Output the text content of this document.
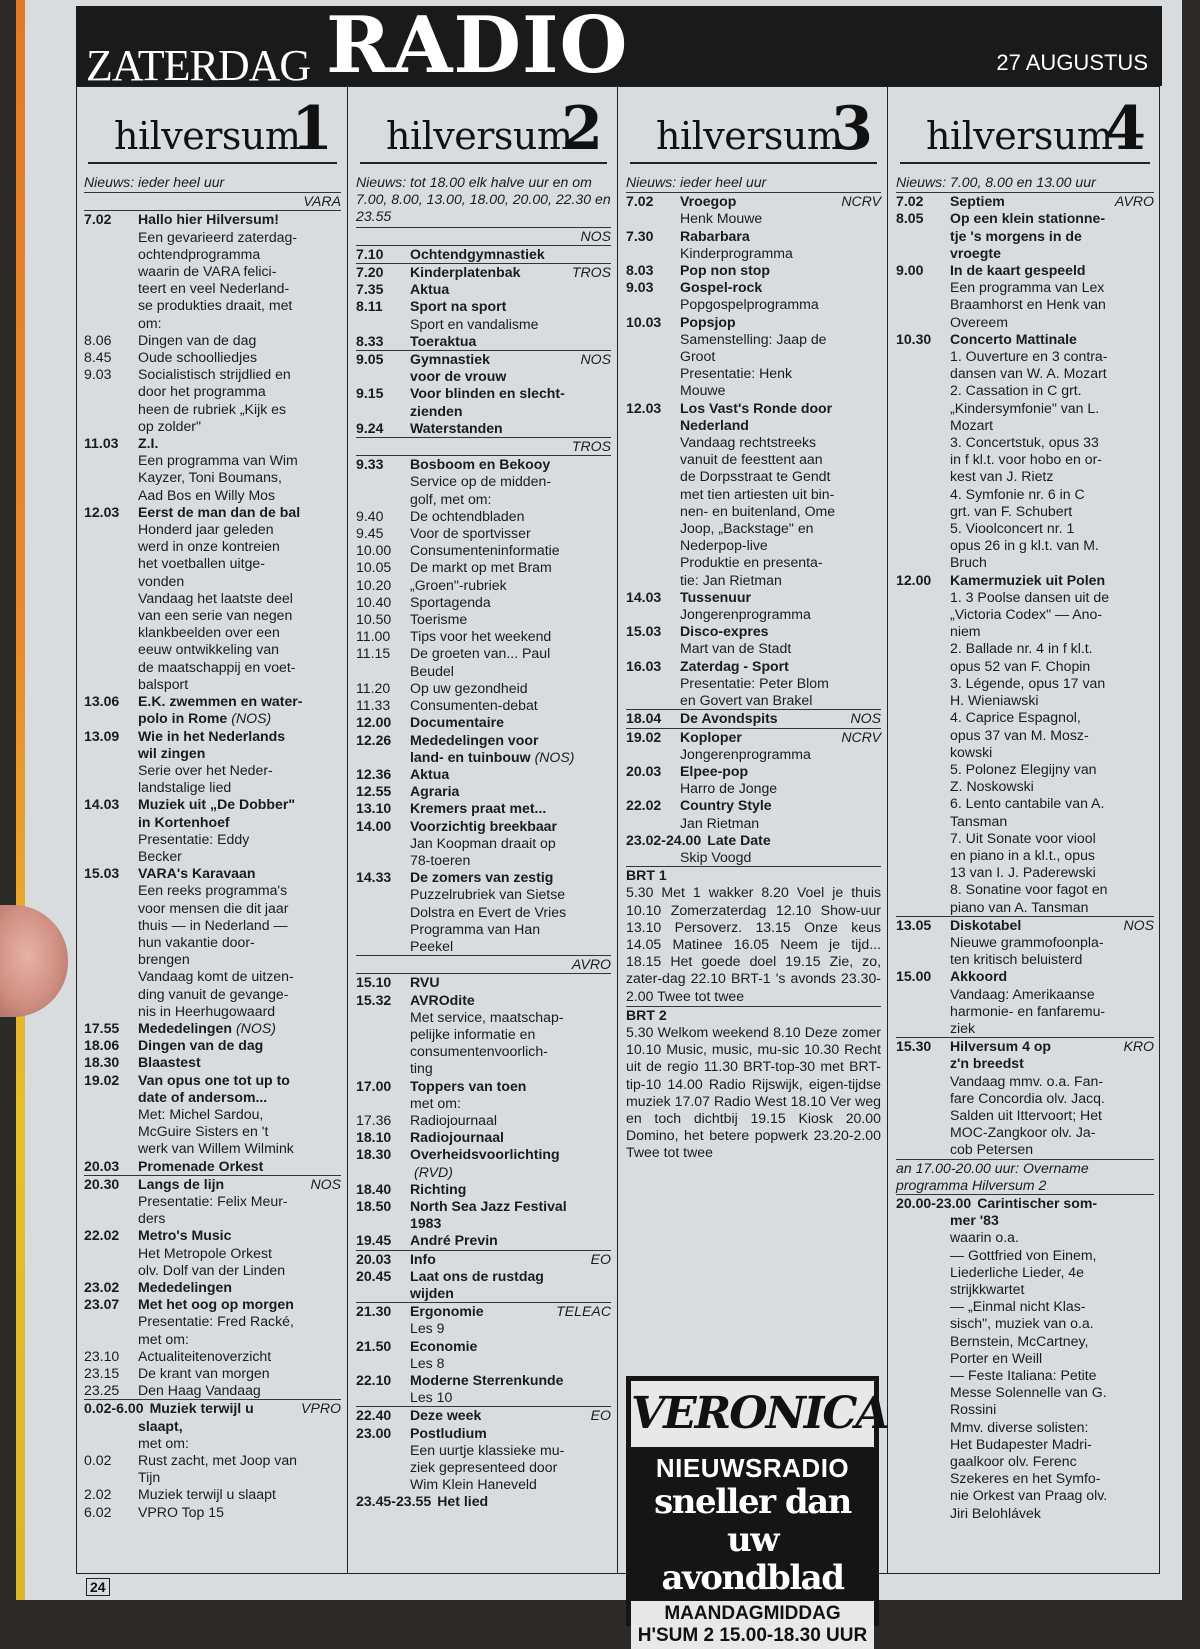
ZATERDAG RADIO	27 AUGUSTUS
hilversum
1
Nieuws: ieder heel uur
VARA
7.02	Hallo hier Hilversum!
Een gevarieerd zaterdag-
ochtendprogramma
waarin de VARA felici-
teert en veel Nederland-
se produkties draait, met
om:
8.06	Dingen van de dag
8.45	Oude schoolliedjes
9.03	Socialistisch strijdlied en
door het programma
heen de rubriek „Kijk es
op zolder"
11.03	Z.I.
Een programma van Wim
Kayzer, Toni Boumans,
Aad Bos en Willy Mos
12.03	Eerst de man dan de bal
Honderd jaar geleden
werd in onze kontreien
het voetballen uitge-
vonden
Vandaag het laatste deel
van een serie van negen
klankbeelden over een
eeuw ontwikkeling van
de maatschappij en voet-
balsport
13.06	E.K. zwemmen en water-
polo in Rome (NOS)
13.09	Wie in het Nederlands
wil zingen
Serie over het Neder-
landstalige lied
14.03	Muziek uit „De Dobber"
in Kortenhoef
Presentatie: Eddy
Becker
15.03	VARA's Karavaan
Een reeks programma's
voor mensen die dit jaar
thuis — in Nederland —
hun vakantie door-
brengen
Vandaag komt de uitzen-
ding vanuit de gevange-
nis in Heerhugowaard
17.55	Mededelingen (NOS)
18.06	Dingen van de dag
18.30	Blaastest
19.02	Van opus one tot up to
date of andersom...
Met: Michel Sardou,
McGuire Sisters en 't
werk van Willem Wilmink
20.03	Promenade Orkest
20.30	Langs de lijn	NOS
Presentatie: Felix Meur-
ders
22.02	Metro's Music
Het Metropole Orkest
olv. Dolf van der Linden
23.02	Mededelingen
23.07	Met het oog op morgen
Presentatie: Fred Racké,
met om:
23.10	Actualiteitenoverzicht
23.15	De krant van morgen
23.25	Den Haag Vandaag
0.02-6.00 Muziek terwijl u	VPRO
slaapt,
met om:
0.02	Rust zacht, met Joop van
Tijn
2.02	Muziek terwijl u slaapt
6.02	VPRO Top 15
hilversum
2
Nieuws: tot 18.00 elk halve uur en om 7.00, 8.00, 13.00, 18.00, 20.00, 22.30 en 23.55
NOS
7.10	Ochtendgymnastiek
7.20	Kinderplatenbak	TROS
7.35	Aktua
8.11	Sport na sport
Sport en vandalisme
8.33	Toeraktua
9.05	Gymnastiek	NOS
voor de vrouw
9.15	Voor blinden en slecht-
zienden
9.24	Waterstanden
TROS
9.33	Bosboom en Bekooy
Service op de midden-
golf, met om:
9.40	De ochtendbladen
9.45	Voor de sportvisser
10.00	Consumenteninformatie
10.05	De markt op met Bram
10.20	„Groen"-rubriek
10.40	Sportagenda
10.50	Toerisme
11.00	Tips voor het weekend
11.15	De groeten van... Paul
Beudel
11.20	Op uw gezondheid
11.33	Consumenten-debat
12.00	Documentaire
12.26	Mededelingen voor
land- en tuinbouw (NOS)
12.36	Aktua
12.55	Agraria
13.10	Kremers praat met...
14.00	Voorzichtig breekbaar
Jan Koopman draait op
78-toeren
14.33	De zomers van zestig
Puzzelrubriek van Sietse
Dolstra en Evert de Vries
Programma van Han
Peekel
AVRO
15.10	RVU
15.32	AVROdite
Met service, maatschap-
pelijke informatie en
consumentenvoorlich-
ting
17.00	Toppers van toen
met om:
17.36	Radiojournaal
18.10	Radiojournaal
18.30	Overheidsvoorlichting
(RVD)
18.40	Richting
18.50	North Sea Jazz Festival
1983
19.45	André Previn
20.03	Info	EO
20.45	Laat ons de rustdag
wijden
21.30	Ergonomie	TELEAC
Les 9
21.50	Economie
Les 8
22.10	Moderne Sterrenkunde
Les 10
22.40	Deze week	EO
23.00	Postludium
Een uurtje klassieke mu-
ziek gepresenteed door
Wim Klein Haneveld
23.45-23.55 Het lied
hilversum
3
Nieuws: ieder heel uur
7.02	Vroegop	NCRV
Henk Mouwe
7.30	Rabarbara
Kinderprogramma
8.03	Pop non stop
9.03	Gospel-rock
Popgospelprogramma
10.03	Popsjop
Samenstelling: Jaap de
Groot
Presentatie: Henk
Mouwe
12.03	Los Vast's Ronde door
Nederland
Vandaag rechtstreeks
vanuit de feesttent aan
de Dorpsstraat te Gendt
met tien artiesten uit bin-
nen- en buitenland, Ome
Joop, „Backstage" en
Nederpop-live
Produktie en presenta-
tie: Jan Rietman
14.03	Tussenuur
Jongerenprogramma
15.03	Disco-expres
Mart van de Stadt
16.03	Zaterdag - Sport
Presentatie: Peter Blom
en Govert van Brakel
18.04	De Avondspits	NOS
19.02	Koploper	NCRV
Jongerenprogramma
20.03	Elpee-pop
Harro de Jonge
22.02	Country Style
Jan Rietman
23.02-24.00 Late Date
Skip Voogd
BRT 1
5.30 Met 1 wakker 8.20 Voel je thuis 10.10 Zomerzaterdag 12.10 Show-uur 13.10 Persoverz. 13.15 Onze keus 14.05 Matinee 16.05 Neem je tijd... 18.15 Het goede doel 19.15 Zie, zo, zater-dag 22.10 BRT-1 's avonds 23.30-2.00 Twee tot twee
BRT 2
5.30 Welkom weekend 8.10 Deze zomer 10.10 Music, music, mu-sic 10.30 Recht uit de regio 11.30 BRT-top-30 met BRT-tip-10 14.00 Radio Rijswijk, eigen-tijdse muziek 17.07 Radio West 18.10 Ver weg en toch dichtbij 19.15 Kiosk 20.00 Domino, het betere popwerk 23.20-2.00 Twee tot twee
VERONICA
NIEUWSRADIO
sneller dan uw
avondblad
MAANDAGMIDDAG
H'SUM 2 15.00-18.30 UUR
hilversum
4
Nieuws: 7.00, 8.00 en 13.00 uur
7.02	Septiem	AVRO
8.05	Op een klein stationne-
tje 's morgens in de
vroegte
9.00	In de kaart gespeeld
Een programma van Lex
Braamhorst en Henk van
Overeem
10.30	Concerto Mattinale
1. Ouverture en 3 contra-
dansen van W. A. Mozart
2. Cassation in C grt.
„Kindersymfonie" van L.
Mozart
3. Concertstuk, opus 33
in f kl.t. voor hobo en or-
kest van J. Rietz
4. Symfonie nr. 6 in C
grt. van F. Schubert
5. Vioolconcert nr. 1
opus 26 in g kl.t. van M.
Bruch
12.00	Kamermuziek uit Polen
1. 3 Poolse dansen uit de
„Victoria Codex" — Ano-
niem
2. Ballade nr. 4 in f kl.t.
opus 52 van F. Chopin
3. Légende, opus 17 van
H. Wieniawski
4. Caprice Espagnol,
opus 37 van M. Mosz-
kowski
5. Polonez Elegijny van
Z. Noskowski
6. Lento cantabile van A.
Tansman
7. Uit Sonate voor viool
en piano in a kl.t., opus
13 van I. J. Paderewski
8. Sonatine voor fagot en
piano van A. Tansman
13.05	Diskotabel	NOS
Nieuwe grammofoonpla-
ten kritisch beluisterd
15.00	Akkoord
Vandaag: Amerikaanse
harmonie- en fanfaremu-
ziek
15.30	Hilversum 4 op	KRO
z'n breedst
Vandaag mmv. o.a. Fan-
fare Concordia olv. Jacq.
Salden uit Ittervoort; Het
MOC-Zangkoor olv. Ja-
cob Petersen
an 17.00-20.00 uur: Overname
programma Hilversum 2
20.00-23.00 Carintischer som-
mer '83
waarin o.a.
— Gottfried von Einem,
Liederliche Lieder, 4e
strijkkwartet
— „Einmal nicht Klas-
sisch", muziek van o.a.
Bernstein, McCartney,
Porter en Weill
— Feste Italiana: Petite
Messe Solennelle van G.
Rossini
Mmv. diverse solisten:
Het Budapester Madri-
gaalkoor olv. Ferenc
Szekeres en het Symfo-
nie Orkest van Praag olv.
Jiri Belohlávek
24
